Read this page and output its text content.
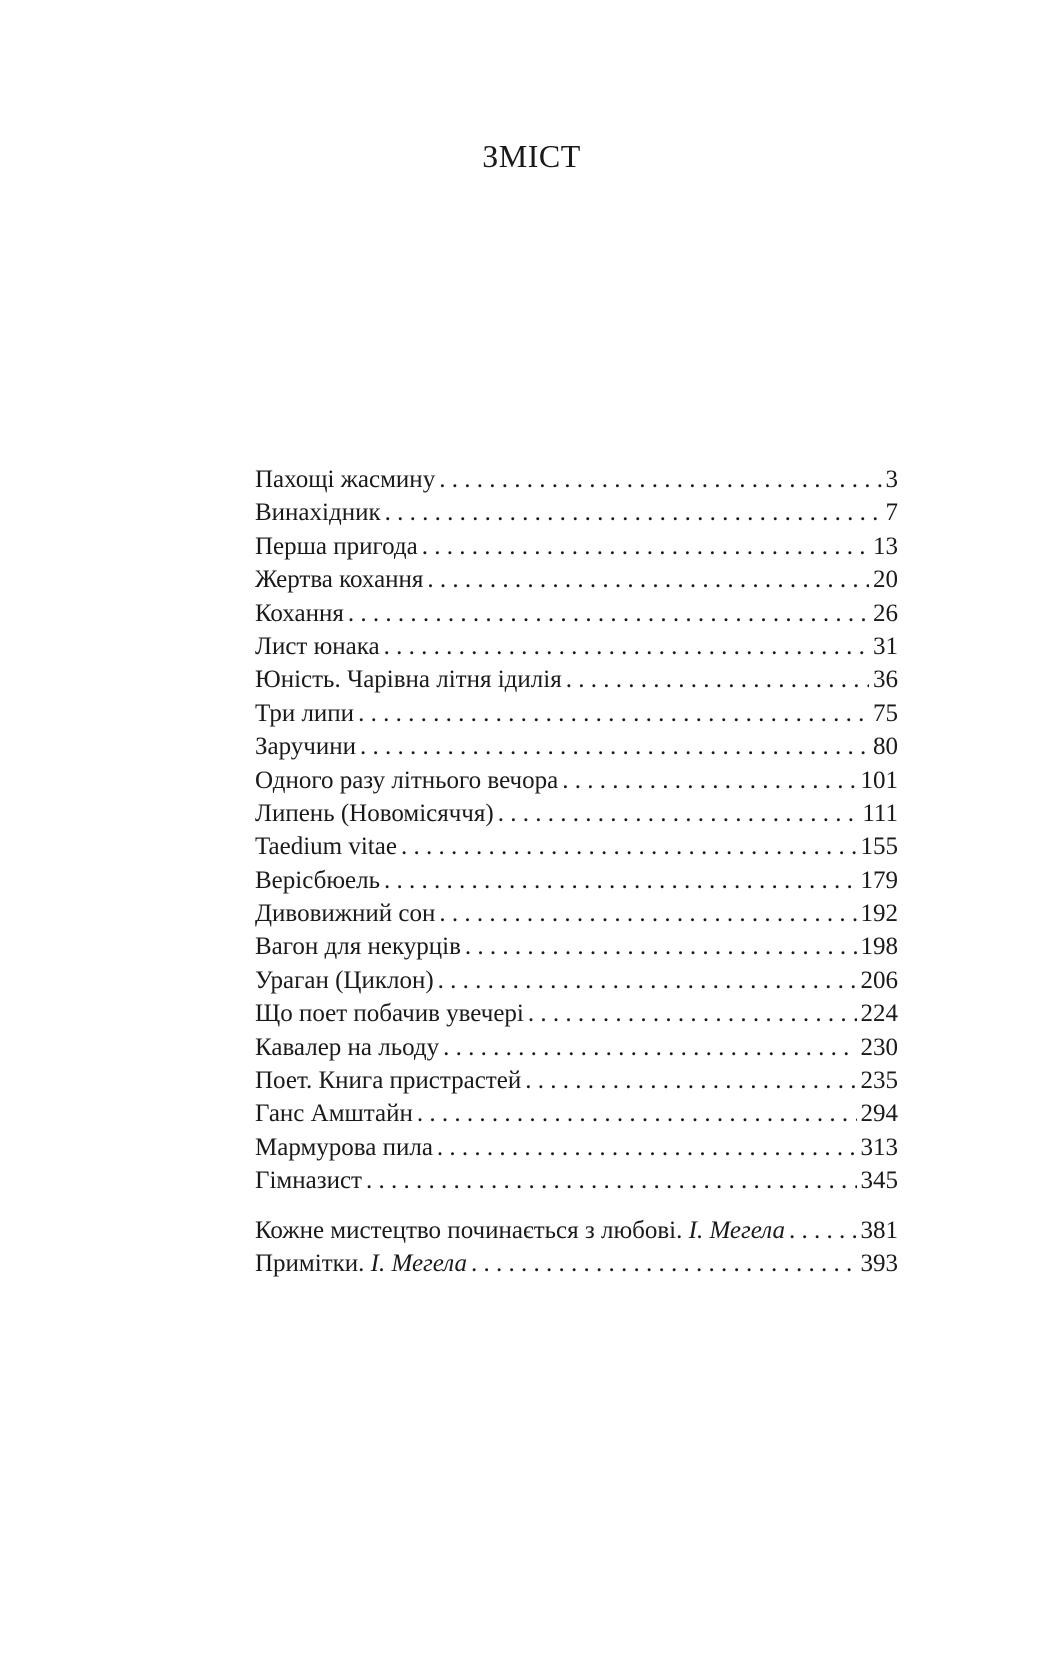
ЗМІСТ
Пахощі жасмину . . .	3
Винахідник . . .	7
Перша пригода . . .	13
Жертва кохання . . .	20
Кохання . . .	26
Лист юнака . . .	31
Юність. Чарівна літня ідилія . . .	36
Три липи . . .	75
Заручини . . .	80
Одного разу літнього вечора . . .	101
Липень (Новомісяччя) . . .	111
Taedium vitae . . .	155
Верісбюель . . .	179
Дивовижний сон . . .	192
Вагон для некурців . . .	198
Ураган (Циклон) . . .	206
Що поет побачив увечері . . .	224
Кавалер на льоду . . .	230
Поет. Книга пристрастей . . .	235
Ганс Амштайн . . .	294
Мармурова пила . . .	313
Гімназист . . .	345
Кожне мистецтво починається з любові. І. Мегела . . .	381
Примітки. І. Мегела . . .	393
